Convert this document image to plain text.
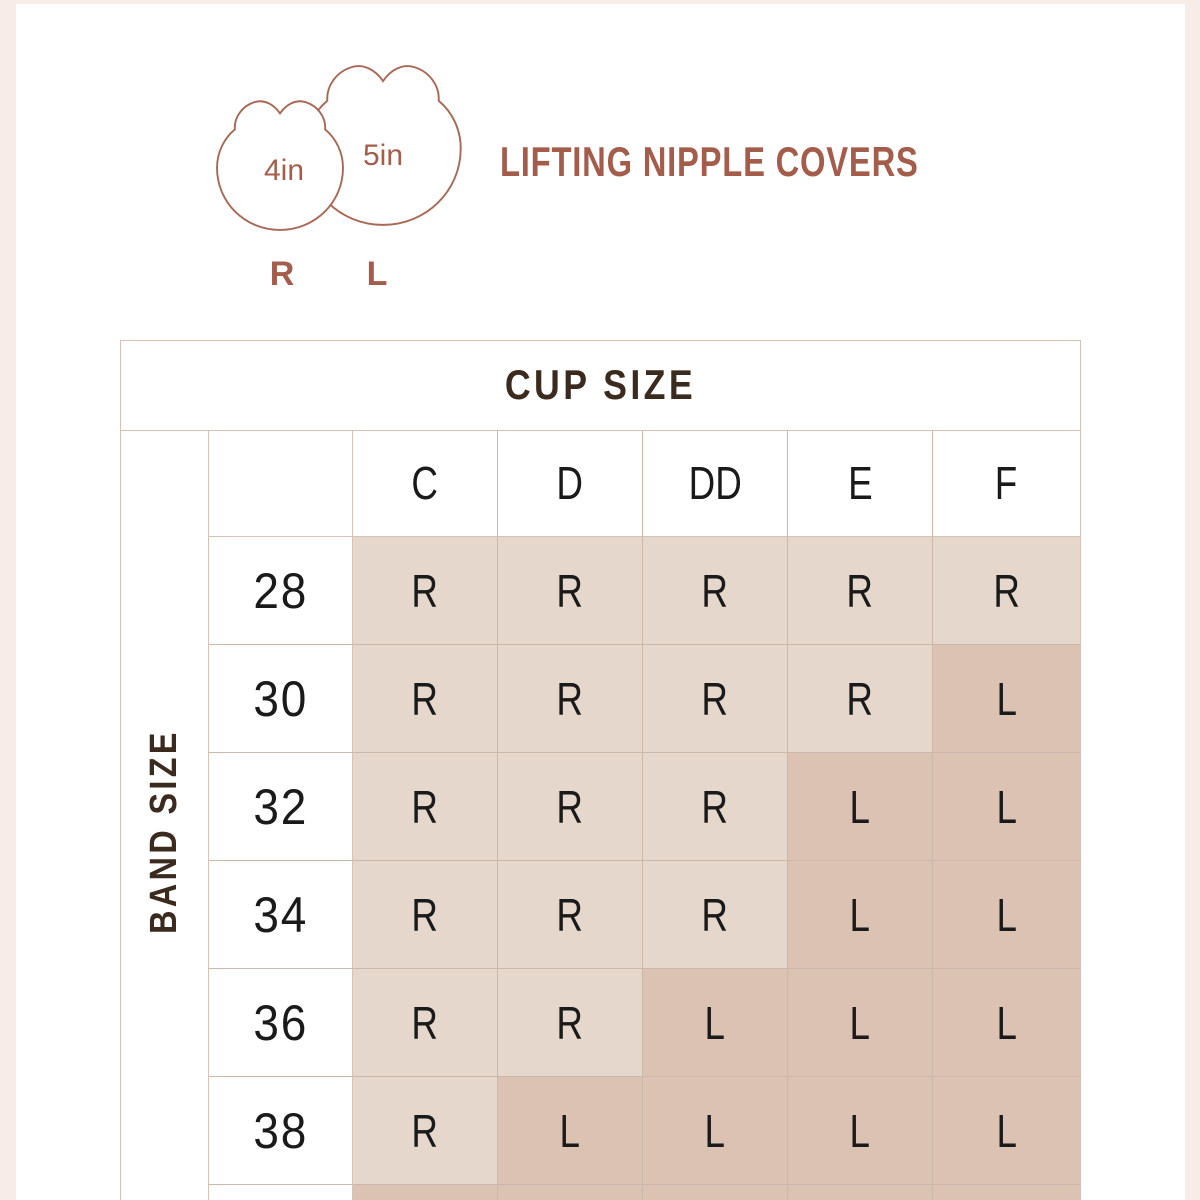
4in 5in
R L
LIFTING NIPPLE COVERS
CUP SIZE
BAND SIZE
C	D DD E	F
28 R	R	R	R	R
30 R	R	R	R	L
32 R	R	R	L	L
34 R	R	R	L	L
36 R	R	L	L	L
38 R	L	L	L	L
